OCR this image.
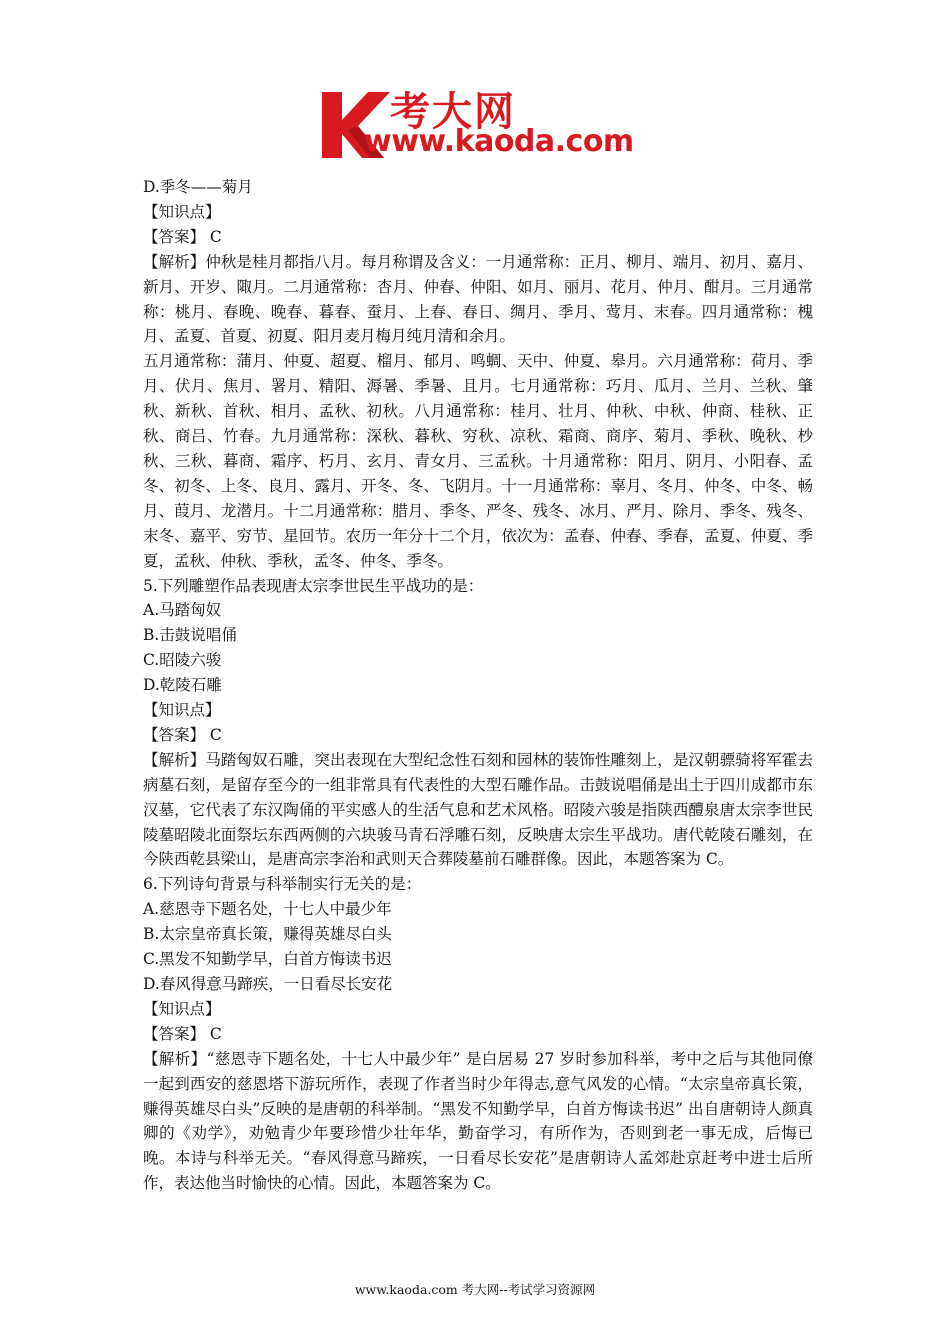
考大网
www.kaoda.com

D.季冬——菊月

【知识点】

【答案】 C

【解析】仲秋是桂月都指八月。每月称谓及含义：一月通常称：正月、柳月、端月、初月、嘉月、新月、开岁、陬月。二月通常称：杏月、仲春、仲阳、如月、丽月、花月、仲月、酣月。三月通常称：桃月、春晚、晚春、暮春、蚕月、上春、春日、绸月、季月、莺月、末春。四月通常称：槐月、孟夏、首夏、初夏、阳月麦月梅月纯月清和余月。

五月通常称：蒲月、仲夏、超夏、榴月、郁月、鸣蜩、天中、仲夏、皋月。六月通常称：荷月、季月、伏月、焦月、署月、精阳、溽暑、季暑、且月。七月通常称：巧月、瓜月、兰月、兰秋、肇秋、新秋、首秋、相月、孟秋、初秋。八月通常称：桂月、壮月、仲秋、中秋、仲商、桂秋、正秋、商吕、竹春。九月通常称：深秋、暮秋、穷秋、凉秋、霜商、商序、菊月、季秋、晚秋、杪秋、三秋、暮商、霜序、朽月、玄月、青女月、三孟秋。十月通常称：阳月、阴月、小阳春、孟冬、初冬、上冬、良月、露月、开冬、冬、飞阴月。十一月通常称：辜月、冬月、仲冬、中冬、畅月、葭月、龙潜月。十二月通常称：腊月、季冬、严冬、残冬、冰月、严月、除月、季冬、残冬、末冬、嘉平、穷节、星回节。农历一年分十二个月，依次为：孟春、仲春、季春，孟夏、仲夏、季夏，孟秋、仲秋、季秋，孟冬、仲冬、季冬。

5.下列雕塑作品表现唐太宗李世民生平战功的是：

A.马踏匈奴

B.击鼓说唱俑

C.昭陵六骏

D.乾陵石雕

【知识点】

【答案】 C

【解析】马踏匈奴石雕，突出表现在大型纪念性石刻和园林的装饰性雕刻上，是汉朝骠骑将军霍去病墓石刻，是留存至今的一组非常具有代表性的大型石雕作品。击鼓说唱俑是出土于四川成都市东汉墓，它代表了东汉陶俑的平实感人的生活气息和艺术风格。昭陵六骏是指陕西醴泉唐太宗李世民陵墓昭陵北面祭坛东西两侧的六块骏马青石浮雕石刻，反映唐太宗生平战功。唐代乾陵石雕刻，在今陕西乾县梁山，是唐高宗李治和武则天合葬陵墓前石雕群像。因此，本题答案为 C。

6.下列诗句背景与科举制实行无关的是：

A.慈恩寺下题名处，十七人中最少年

B.太宗皇帝真长策，赚得英雄尽白头

C.黑发不知勤学早，白首方悔读书迟

D.春风得意马蹄疾，一日看尽长安花

【知识点】

【答案】 C

【解析】“慈恩寺下题名处，十七人中最少年” 是白居易 27 岁时参加科举，考中之后与其他同僚一起到西安的慈恩塔下游玩所作，表现了作者当时少年得志,意气风发的心情。“太宗皇帝真长策，赚得英雄尽白头”反映的是唐朝的科举制。“黑发不知勤学早，白首方悔读书迟” 出自唐朝诗人颜真卿的《劝学》，劝勉青少年要珍惜少壮年华，勤奋学习，有所作为，否则到老一事无成，后悔已晚。本诗与科举无关。“春风得意马蹄疾，一日看尽长安花”是唐朝诗人孟郊赴京赶考中进士后所作，表达他当时愉快的心情。因此，本题答案为 C。

www.kaoda.com 考大网--考试学习资源网
